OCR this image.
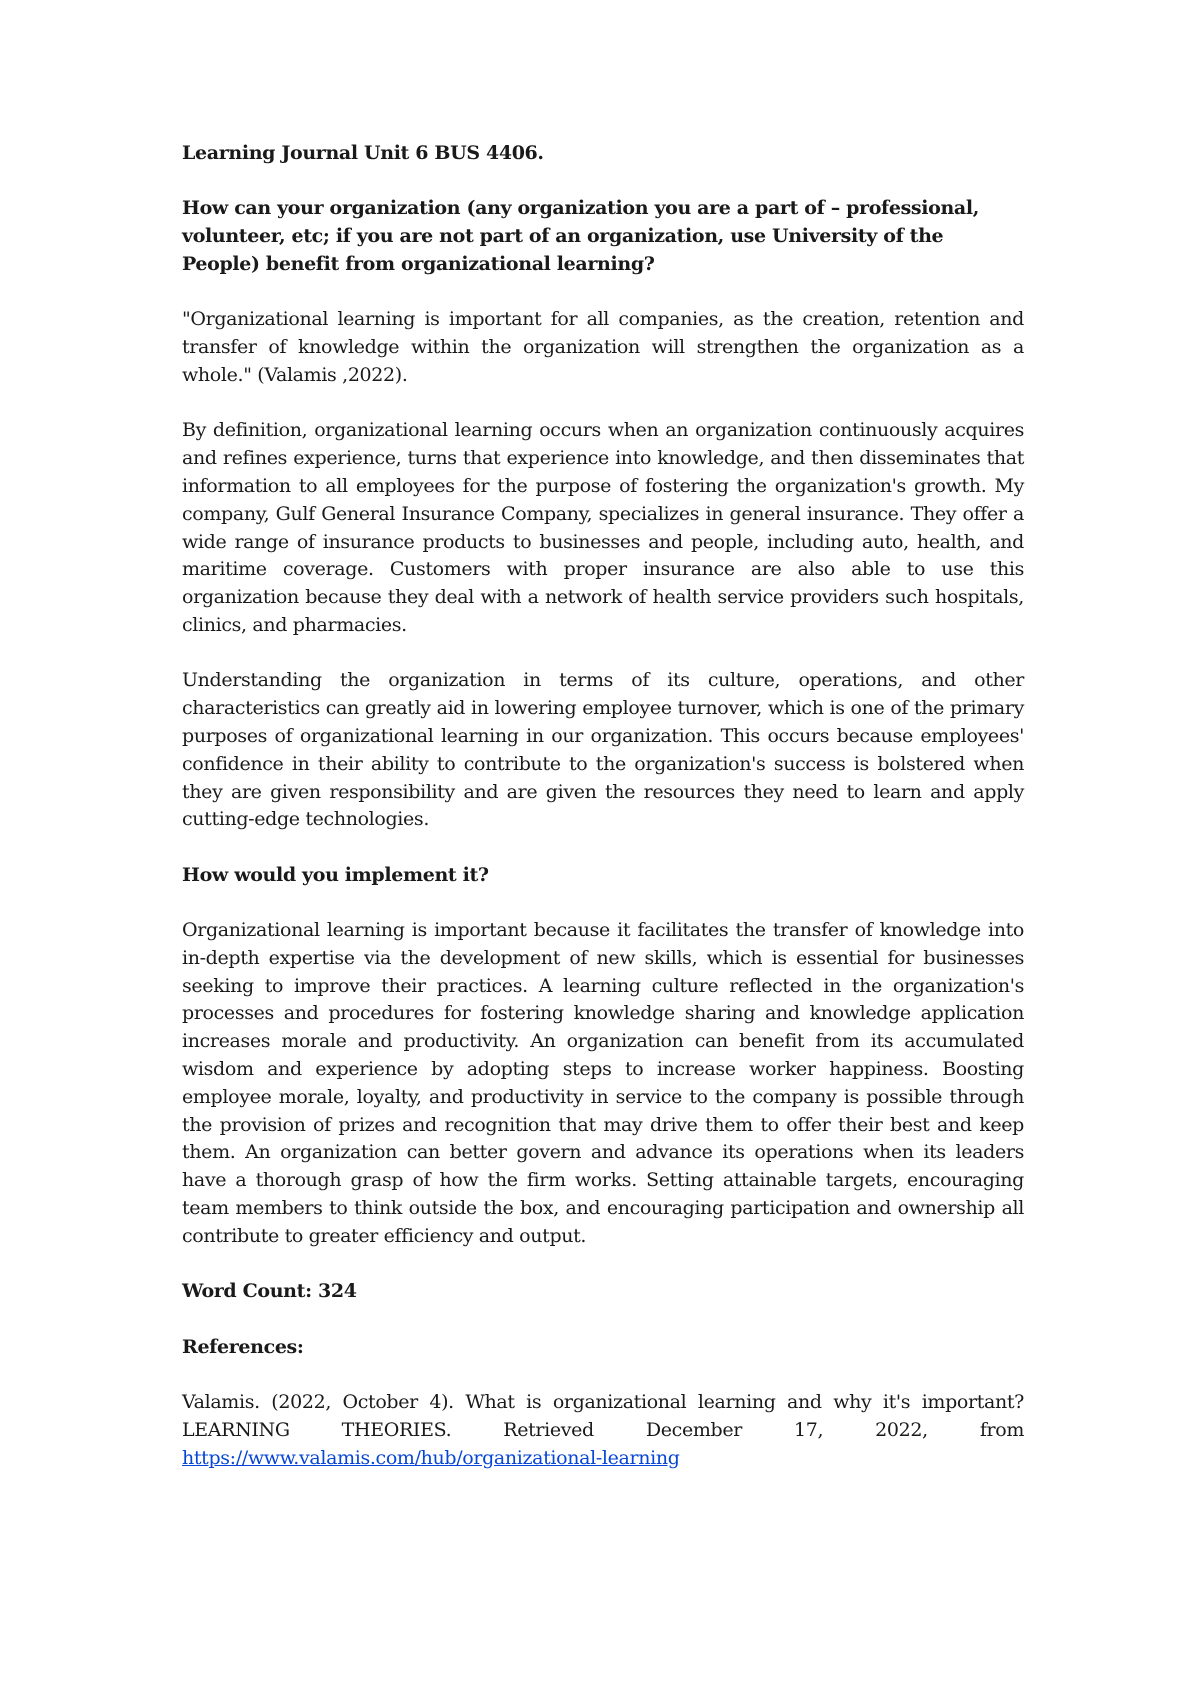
Learning Journal Unit 6 BUS 4406.

How can your organization (any organization you are a part of – professional, volunteer, etc; if you are not part of an organization, use University of the People) benefit from organizational learning?

"Organizational learning is important for all companies, as the creation, retention and transfer of knowledge within the organization will strengthen the organization as a whole." (Valamis ,2022).

By definition, organizational learning occurs when an organization continuously acquires and refines experience, turns that experience into knowledge, and then disseminates that information to all employees for the purpose of fostering the organization's growth. My company, Gulf General Insurance Company, specializes in general insurance. They offer a wide range of insurance products to businesses and people, including auto, health, and maritime coverage. Customers with proper insurance are also able to use this organization because they deal with a network of health service providers such hospitals, clinics, and pharmacies.

Understanding the organization in terms of its culture, operations, and other characteristics can greatly aid in lowering employee turnover, which is one of the primary purposes of organizational learning in our organization. This occurs because employees' confidence in their ability to contribute to the organization's success is bolstered when they are given responsibility and are given the resources they need to learn and apply cutting-edge technologies.

How would you implement it?

Organizational learning is important because it facilitates the transfer of knowledge into in-depth expertise via the development of new skills, which is essential for businesses seeking to improve their practices. A learning culture reflected in the organization's processes and procedures for fostering knowledge sharing and knowledge application increases morale and productivity. An organization can benefit from its accumulated wisdom and experience by adopting steps to increase worker happiness. Boosting employee morale, loyalty, and productivity in service to the company is possible through the provision of prizes and recognition that may drive them to offer their best and keep them. An organization can better govern and advance its operations when its leaders have a thorough grasp of how the firm works. Setting attainable targets, encouraging team members to think outside the box, and encouraging participation and ownership all contribute to greater efficiency and output.

Word Count: 324

References:

Valamis. (2022, October 4). What is organizational learning and why it's important? LEARNING THEORIES. Retrieved December 17, 2022, from https://www.valamis.com/hub/organizational-learning
